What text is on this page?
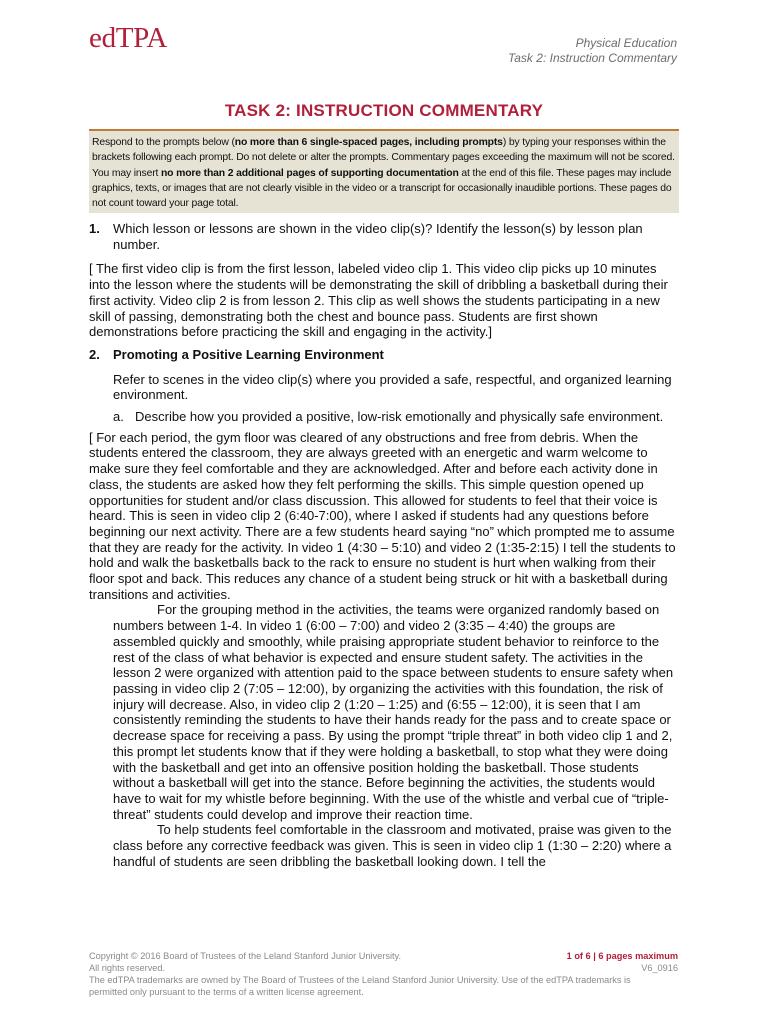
edTPA	Physical Education
Task 2: Instruction Commentary
TASK 2: INSTRUCTION COMMENTARY
Respond to the prompts below (no more than 6 single-spaced pages, including prompts) by typing your responses within the brackets following each prompt. Do not delete or alter the prompts. Commentary pages exceeding the maximum will not be scored. You may insert no more than 2 additional pages of supporting documentation at the end of this file. These pages may include graphics, texts, or images that are not clearly visible in the video or a transcript for occasionally inaudible portions. These pages do not count toward your page total.
1. Which lesson or lessons are shown in the video clip(s)? Identify the lesson(s) by lesson plan number.

[ The first video clip is from the first lesson, labeled video clip 1. This video clip picks up 10 minutes into the lesson where the students will be demonstrating the skill of dribbling a basketball during their first activity. Video clip 2 is from lesson 2. This clip as well shows the students participating in a new skill of passing, demonstrating both the chest and bounce pass. Students are first shown demonstrations before practicing the skill and engaging in the activity.]

2. Promoting a Positive Learning Environment

Refer to scenes in the video clip(s) where you provided a safe, respectful, and organized learning environment.

a. Describe how you provided a positive, low-risk emotionally and physically safe environment.

[ For each period, the gym floor was cleared of any obstructions and free from debris. When the students entered the classroom, they are always greeted with an energetic and warm welcome to make sure they feel comfortable and they are acknowledged. After and before each activity done in class, the students are asked how they felt performing the skills. This simple question opened up opportunities for student and/or class discussion. This allowed for students to feel that their voice is heard. This is seen in video clip 2 (6:40-7:00), where I asked if students had any questions before beginning our next activity. There are a few students heard saying “no” which prompted me to assume that they are ready for the activity. In video 1 (4:30 – 5:10) and video 2 (1:35-2:15) I tell the students to hold and walk the basketballs back to the rack to ensure no student is hurt when walking from their floor spot and back. This reduces any chance of a student being struck or hit with a basketball during transitions and activities.

For the grouping method in the activities, the teams were organized randomly based on numbers between 1-4. In video 1 (6:00 – 7:00) and video 2 (3:35 – 4:40) the groups are assembled quickly and smoothly, while praising appropriate student behavior to reinforce to the rest of the class of what behavior is expected and ensure student safety. The activities in the lesson 2 were organized with attention paid to the space between students to ensure safety when passing in video clip 2 (7:05 – 12:00), by organizing the activities with this foundation, the risk of injury will decrease. Also, in video clip 2 (1:20 – 1:25) and (6:55 – 12:00), it is seen that I am consistently reminding the students to have their hands ready for the pass and to create space or decrease space for receiving a pass. By using the prompt “triple threat” in both video clip 1 and 2, this prompt let students know that if they were holding a basketball, to stop what they were doing with the basketball and get into an offensive position holding the basketball. Those students without a basketball will get into the stance. Before beginning the activities, the students would have to wait for my whistle before beginning. With the use of the whistle and verbal cue of “triple-threat” students could develop and improve their reaction time.

To help students feel comfortable in the classroom and motivated, praise was given to the class before any corrective feedback was given. This is seen in video clip 1 (1:30 – 2:20) where a handful of students are seen dribbling the basketball looking down. I tell the

Copyright © 2016 Board of Trustees of the Leland Stanford Junior University.
All rights reserved.
The edTPA trademarks are owned by The Board of Trustees of the Leland Stanford Junior University. Use of the edTPA trademarks is permitted only pursuant to the terms of a written license agreement.
1 of 6 | 6 pages maximum
V6_0916
